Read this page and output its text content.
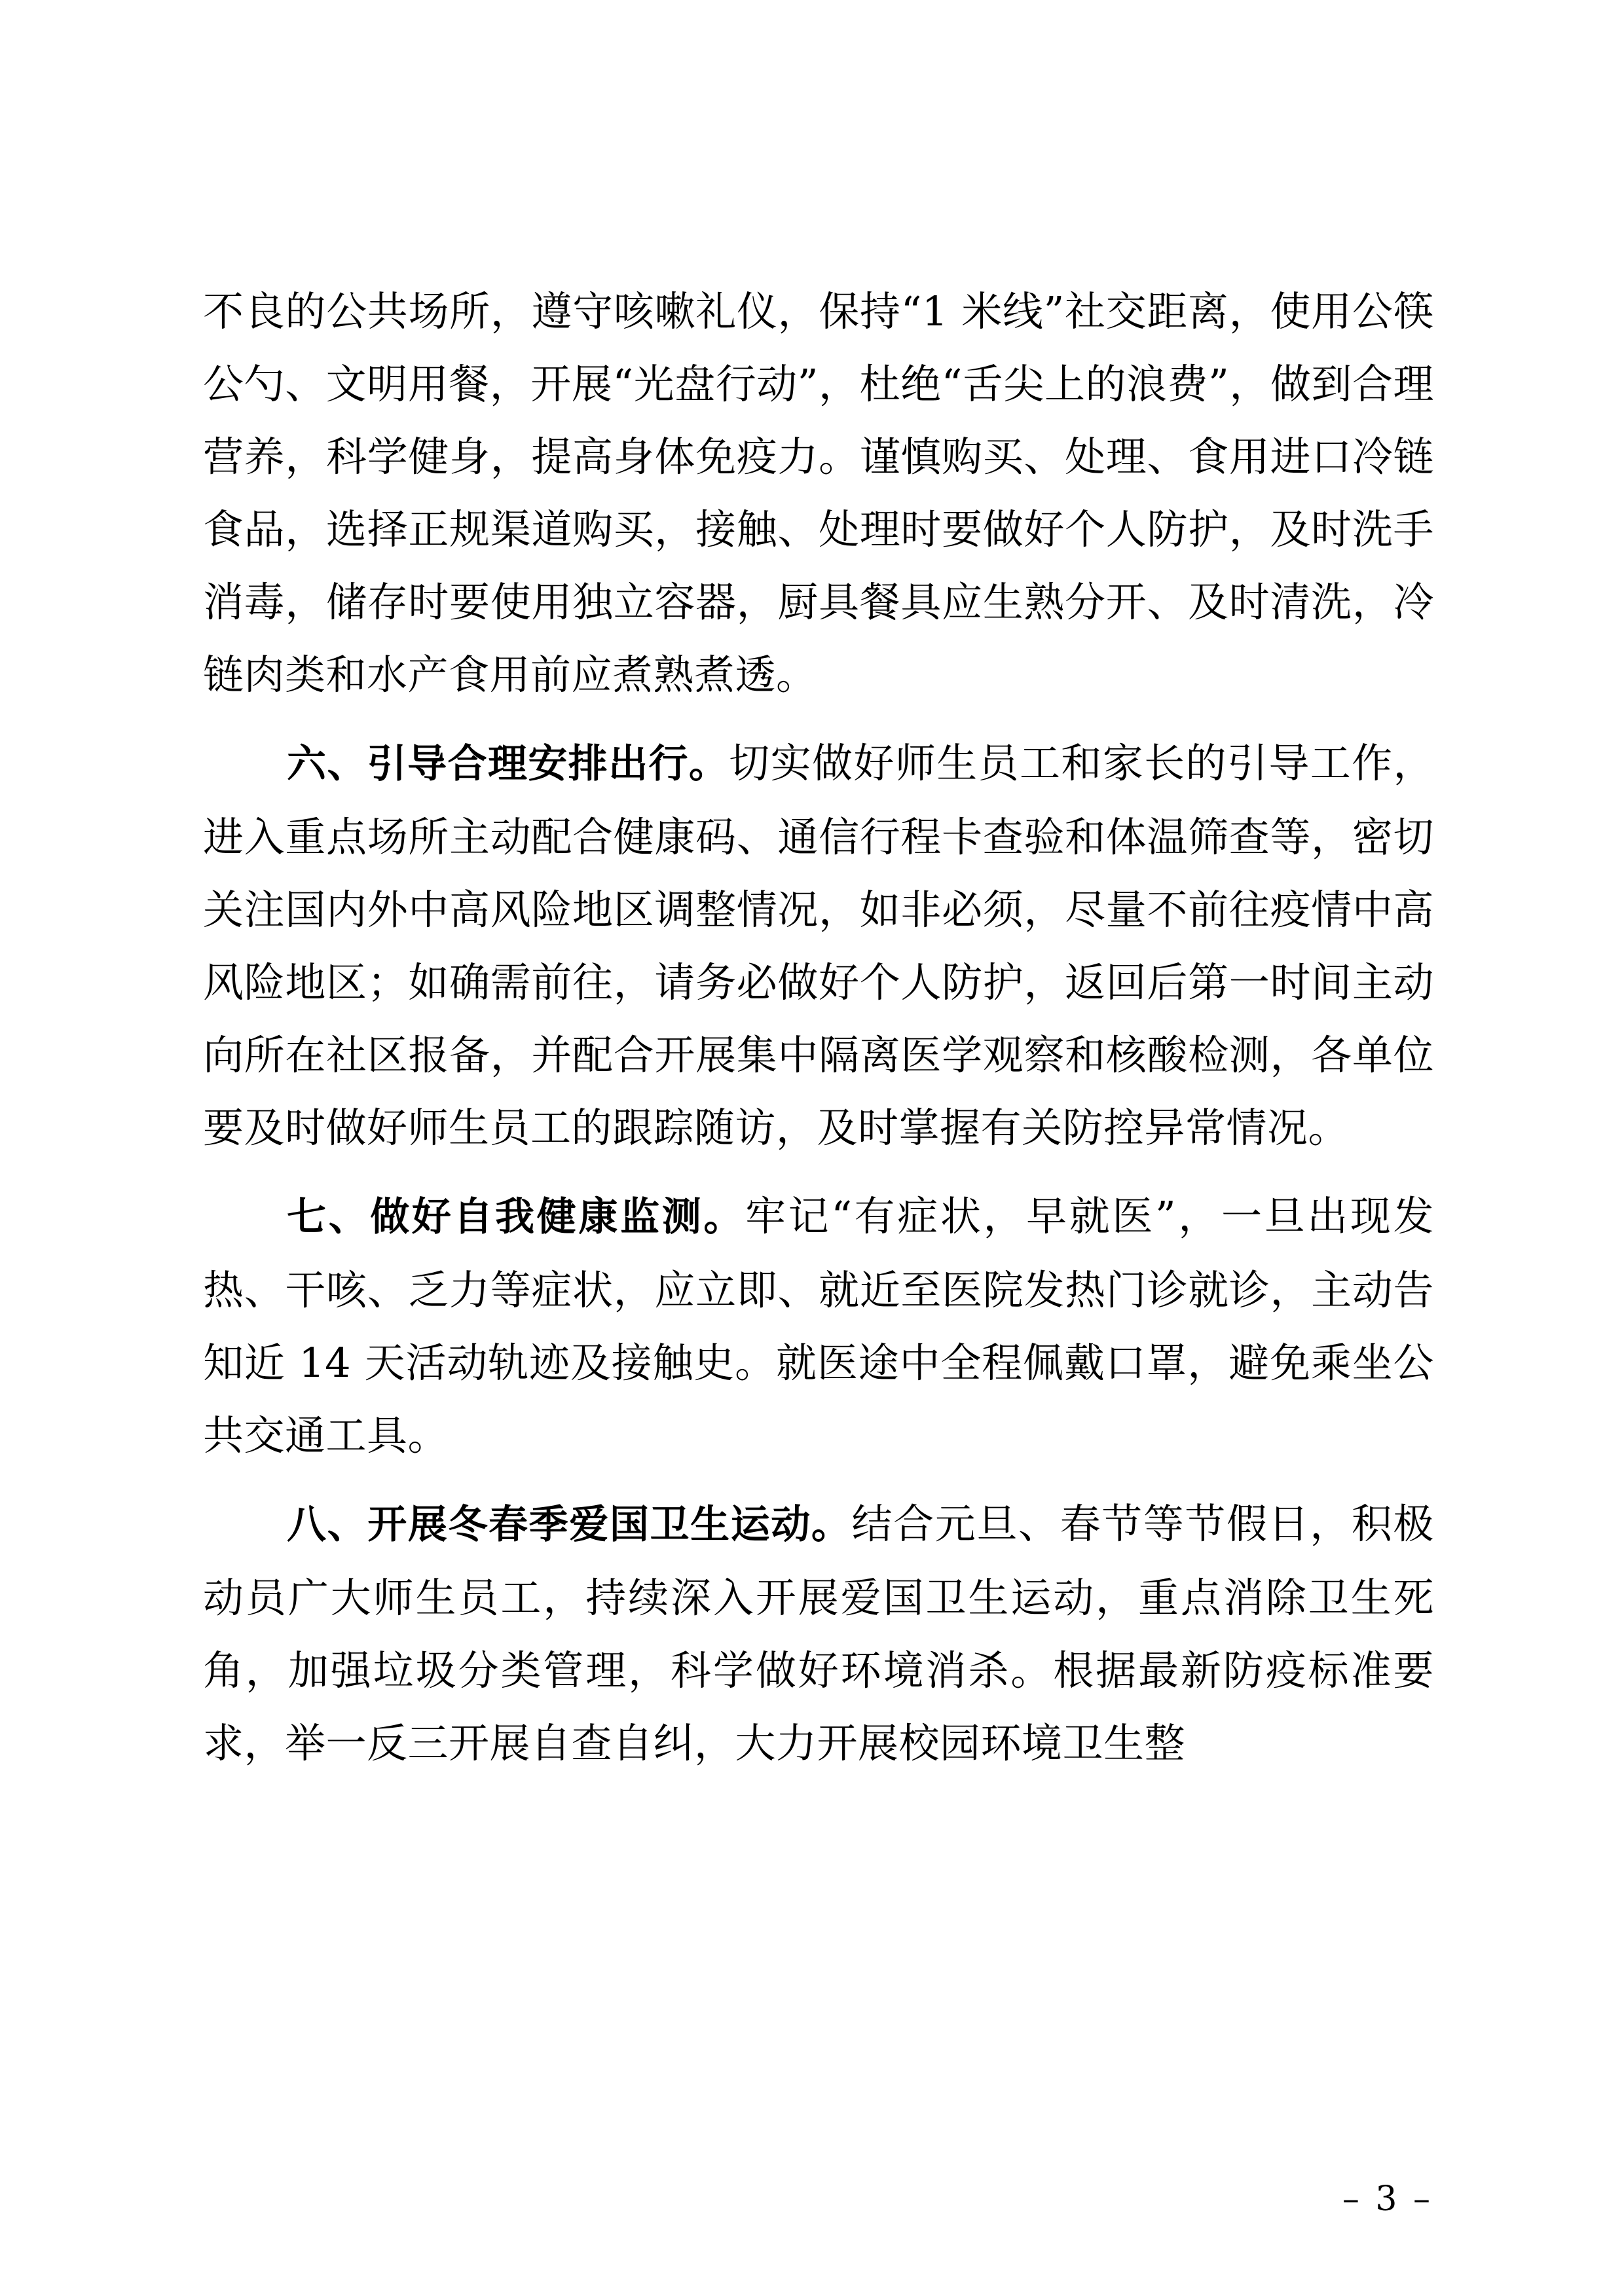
不良的公共场所，遵守咳嗽礼仪，保持“1 米线”社交距离，使用公筷公勺、文明用餐，开展“光盘行动”，杜绝“舌尖上的浪费”，做到合理营养，科学健身，提高身体免疫力。谨慎购买、处理、食用进口冷链食品，选择正规渠道购买，接触、处理时要做好个人防护，及时洗手消毒，储存时要使用独立容器，厨具餐具应生熟分开、及时清洗，冷链肉类和水产食用前应煮熟煮透。

六、引导合理安排出行。切实做好师生员工和家长的引导工作，进入重点场所主动配合健康码、通信行程卡查验和体温筛查等，密切关注国内外中高风险地区调整情况，如非必须，尽量不前往疫情中高风险地区；如确需前往，请务必做好个人防护，返回后第一时间主动向所在社区报备，并配合开展集中隔离医学观察和核酸检测，各单位要及时做好师生员工的跟踪随访，及时掌握有关防控异常情况。

七、做好自我健康监测。牢记“有症状，早就医”，一旦出现发热、干咳、乏力等症状，应立即、就近至医院发热门诊就诊，主动告知近 14 天活动轨迹及接触史。就医途中全程佩戴口罩，避免乘坐公共交通工具。

八、开展冬春季爱国卫生运动。结合元旦、春节等节假日，积极动员广大师生员工，持续深入开展爱国卫生运动，重点消除卫生死角，加强垃圾分类管理，科学做好环境消杀。根据最新防疫标准要求，举一反三开展自查自纠，大力开展校园环境卫生整

– 3 –
